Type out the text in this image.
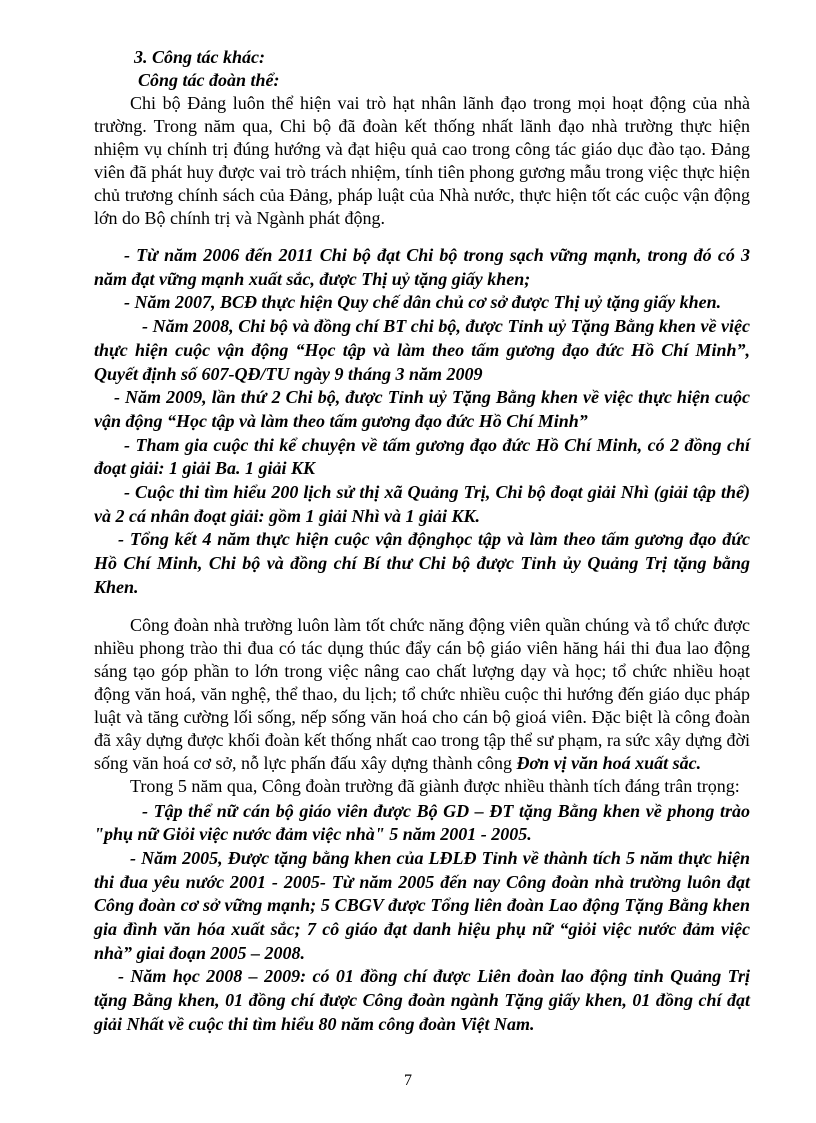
3. Công tác khác:

Công tác đoàn thể:

Chi bộ Đảng luôn thể hiện vai trò hạt nhân lãnh đạo trong mọi hoạt động của nhà trường. Trong năm qua, Chi bộ đã đoàn kết thống nhất lãnh đạo nhà trường thực hiện nhiệm vụ chính trị đúng hướng và đạt hiệu quả cao trong công tác giáo dục đào tạo. Đảng viên đã phát huy được vai trò trách nhiệm, tính tiên phong gương mẫu trong việc thực hiện chủ trương chính sách của Đảng, pháp luật của Nhà nước, thực hiện tốt các cuộc vận động lớn do Bộ chính trị và Ngành phát động.

- Từ năm 2006 đến 2011 Chi bộ đạt Chi bộ trong sạch vững mạnh, trong đó có 3 năm đạt vững mạnh xuất sắc, được Thị uỷ tặng giấy khen;

- Năm 2007, BCĐ thực hiện Quy chế dân chủ cơ sở được Thị uỷ tặng giấy khen.

- Năm 2008, Chi bộ và đồng chí BT chi bộ, được Tỉnh uỷ Tặng Bằng khen về việc thực hiện cuộc vận động “Học tập và làm theo tấm gương đạo đức Hồ Chí Minh”, Quyết định số 607-QĐ/TU ngày 9 tháng 3 năm 2009

- Năm 2009, lần thứ 2 Chi bộ, được Tỉnh uỷ Tặng Bằng khen về việc thực hiện cuộc vận động “Học tập và làm theo tấm gương đạo đức Hồ Chí Minh”

- Tham gia cuộc thi kể chuyện về tấm gương đạo đức Hồ Chí Minh, có 2 đồng chí đoạt giải: 1 giải Ba. 1 giải KK

- Cuộc thi tìm hiểu 200 lịch sử thị xã Quảng Trị, Chi bộ đoạt giải Nhì (giải tập thể) và 2 cá nhân đoạt giải: gồm 1 giải Nhì và 1 giải KK.

- Tổng kết 4 năm thực hiện cuộc vận độnghọc tập và làm theo tấm gương đạo đức Hồ Chí Minh, Chi bộ và đồng chí Bí thư Chi bộ được Tỉnh ủy Quảng Trị tặng bằng Khen.

Công đoàn nhà trường luôn làm tốt chức năng động viên quần chúng và tổ chức được nhiều phong trào thi đua có tác dụng thúc đẩy cán bộ giáo viên hăng hái thi đua lao động sáng tạo góp phần to lớn trong việc nâng cao chất lượng dạy và học; tổ chức nhiều hoạt động văn hoá, văn nghệ, thể thao, du lịch; tổ chức nhiều cuộc thi hướng đến giáo dục pháp luật và tăng cường lối sống, nếp sống văn hoá cho cán bộ gioá viên. Đặc biệt là công đoàn đã xây dựng được khối đoàn kết thống nhất cao trong tập thể sư phạm, ra sức xây dựng đời sống văn hoá cơ sở, nỗ lực phấn đấu xây dựng thành công Đơn vị văn hoá xuất sắc.

Trong 5 năm qua, Công đoàn trường đã giành được nhiều thành tích đáng trân trọng:

- Tập thể nữ cán bộ giáo viên được Bộ GD – ĐT tặng Bằng khen về phong trào "phụ nữ Giỏi việc nước đảm việc nhà" 5 năm 2001 - 2005.

- Năm 2005, Được tặng bằng khen của LĐLĐ Tỉnh về thành tích 5 năm thực hiện thi đua yêu nước 2001 - 2005- Từ năm 2005 đến nay Công đoàn nhà trường luôn đạt Công đoàn cơ sở vững mạnh; 5 CBGV được Tổng liên đoàn Lao động Tặng Bằng khen gia đình văn hóa xuất sắc; 7 cô giáo đạt danh hiệu phụ nữ “giỏi việc nước đảm việc nhà” giai đoạn 2005 – 2008.

- Năm học 2008 – 2009: có 01 đồng chí được Liên đoàn lao động tỉnh Quảng Trị tặng Bằng khen, 01 đồng chí được Công đoàn ngành Tặng giấy khen, 01 đồng chí đạt giải Nhất về cuộc thi tìm hiểu 80 năm công đoàn Việt Nam.

7
